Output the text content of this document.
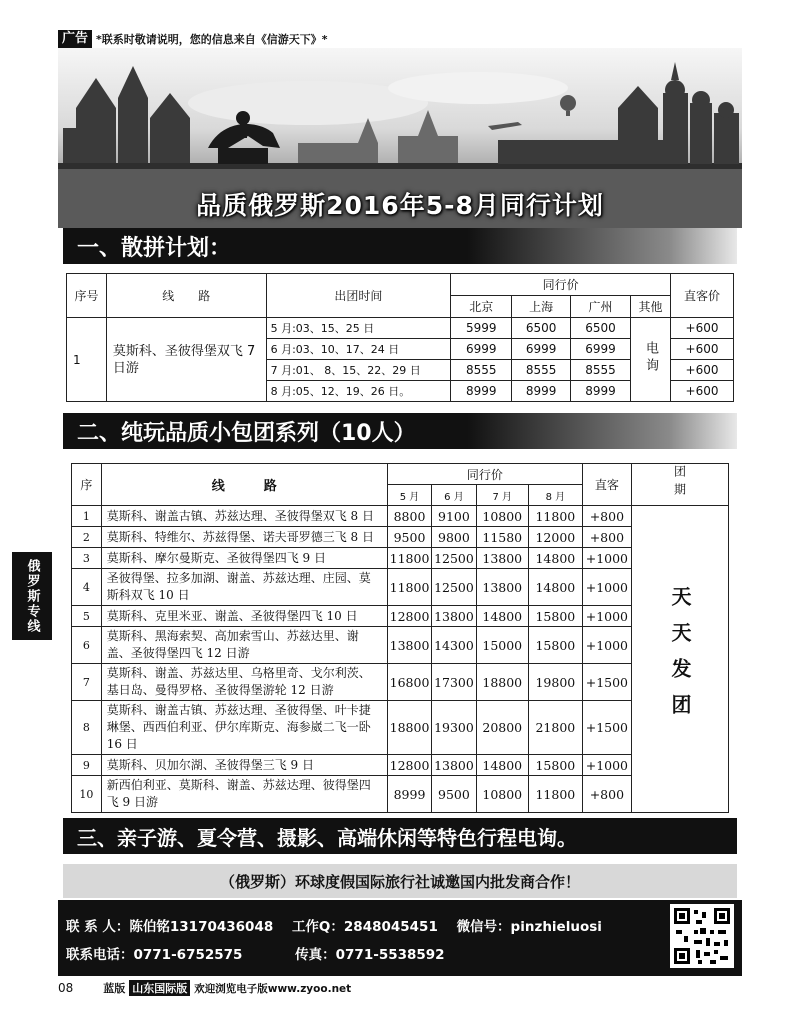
广告 *联系时敬请说明，您的信息来自《信游天下》*
品质俄罗斯2016年5-8月同行计划
一、散拼计划：
序号	线　　路	出团时间	同行价				直客价
			北京	上海	广州	其他	
1	莫斯科、圣彼得堡双飞 7日游	5 月:03、15、25 日	5999	6500	6500	电询	+600
		6 月:03、10、17、24 日	6999	6999	6999		+600
		7 月:01、 8、15、22、29 日	8555	8555	8555		+600
		8 月:05、12、19、26 日。	8999	8999	8999		+600
二、纯玩品质小包团系列（10人）
序	线　　　路	同行价				直客	团期
		5 月	6 月	7 月	8 月		
1	莫斯科、谢盖古镇、苏兹达理、圣彼得堡双飞 8 日	8800	9100	10800	11800	+800	天天发团
2	莫斯科、特维尔、苏兹得堡、诺夫哥罗德三飞 8 日	9500	9800	11580	12000	+800	
3	莫斯科、摩尔曼斯克、圣彼得堡四飞 9 日	11800	12500	13800	14800	+1000	
4	圣彼得堡、拉多加湖、谢盖、苏兹达理、庄园、莫斯科双飞 10 日	11800	12500	13800	14800	+1000	
5	莫斯科、克里米亚、谢盖、圣彼得堡四飞 10 日	12800	13800	14800	15800	+1000	
6	莫斯科、黑海索契、高加索雪山、苏兹达里、谢盖、圣彼得堡四飞 12 日游	13800	14300	15000	15800	+1000	
7	莫斯科、谢盖、苏兹达里、乌格里奇、戈尔利茨、基日岛、曼得罗格、圣彼得堡游轮 12 日游	16800	17300	18800	19800	+1500	
8	莫斯科、谢盖古镇、苏兹达理、圣彼得堡、叶卡捷琳堡、西西伯利亚、伊尔库斯克、海参崴二飞一卧 16 日	18800	19300	20800	21800	+1500	
9	莫斯科、贝加尔湖、圣彼得堡三飞 9 日	12800	13800	14800	15800	+1000	
10	新西伯利亚、莫斯科、谢盖、苏兹达理、彼得堡四飞 9 日游	8999	9500	10800	11800	+800	
三、亲子游、夏令营、摄影、高端休闲等特色行程电询。
俄罗斯专线
（俄罗斯）环球度假国际旅行社诚邀国内批发商合作！
联 系 人：陈伯铭13170436048 工作Q：2848045451 微信号：pinzhieluosi
联系电话：0771-6752575	传真：0771-5538592
08	蓝版 山东国际版 欢迎浏览电子版www.zyoo.net
